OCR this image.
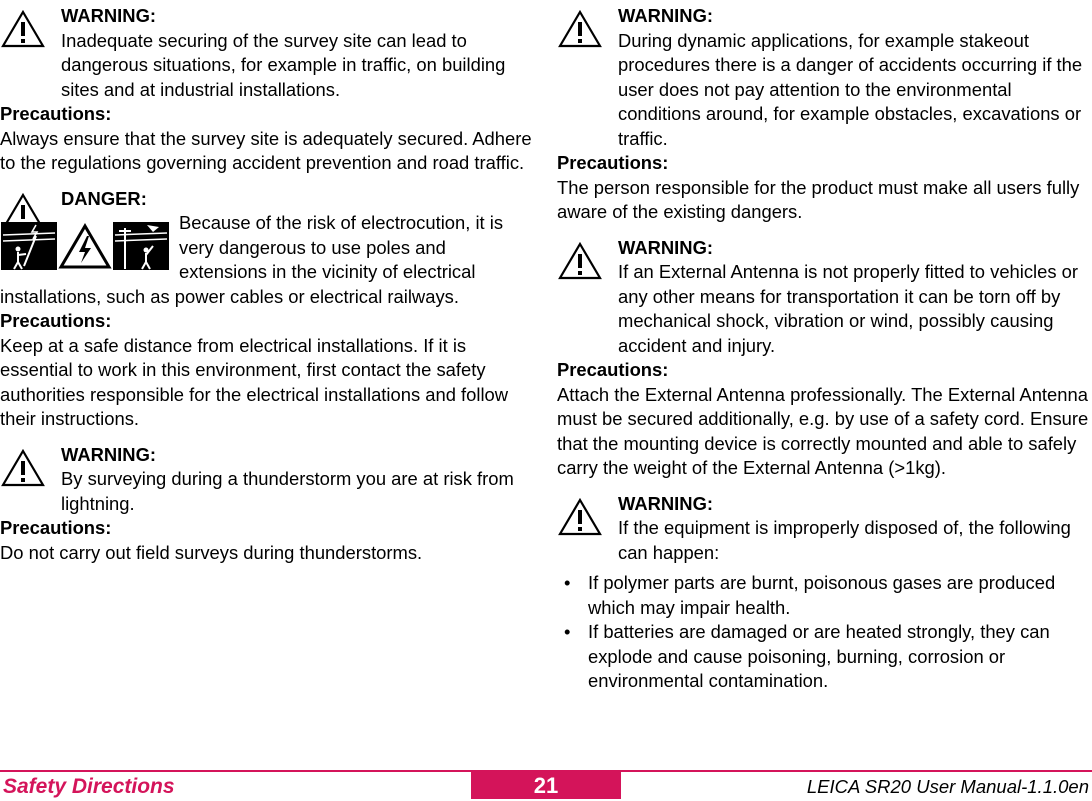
WARNING:
Inadequate securing of the survey site can lead to dangerous situations, for example in traffic, on building sites and at industrial installations.
Precautions:
Always ensure that the survey site is adequately secured. Adhere to the regulations governing accident prevention and road traffic.
DANGER:
Because of the risk of electrocution, it is very dangerous to use poles and extensions in the vicinity of electrical
installations, such as power cables or electrical railways.
Precautions:
Keep at a safe distance from electrical installations. If it is essential to work in this environment, first contact the safety authorities responsible for the electrical installations and follow their instructions.
WARNING:
By surveying during a thunderstorm you are at risk from lightning.
Precautions:
Do not carry out field surveys during thunderstorms.
WARNING:
During dynamic applications, for example stakeout procedures there is a danger of accidents occurring if the user does not pay attention to the environmental conditions around, for example obstacles, excavations or traffic.
Precautions:
The person responsible for the product must make all users fully aware of the existing dangers.
WARNING:
If an External Antenna is not properly fitted to vehicles or any other means for transportation it can be torn off by mechanical shock, vibration or wind, possibly causing accident and injury.
Precautions:
Attach the External Antenna professionally. The External Antenna must be secured additionally, e.g. by use of a safety cord. Ensure that the mounting device is correctly mounted and able to safely carry the weight of the External Antenna (>1kg).
WARNING:
If the equipment is improperly disposed of, the following can happen:
• If polymer parts are burnt, poisonous gases are produced which may impair health.
• If batteries are damaged or are heated strongly, they can explode and cause poisoning, burning, corrosion or environmental contamination.
Safety Directions	21	LEICA SR20 User Manual-1.1.0en
